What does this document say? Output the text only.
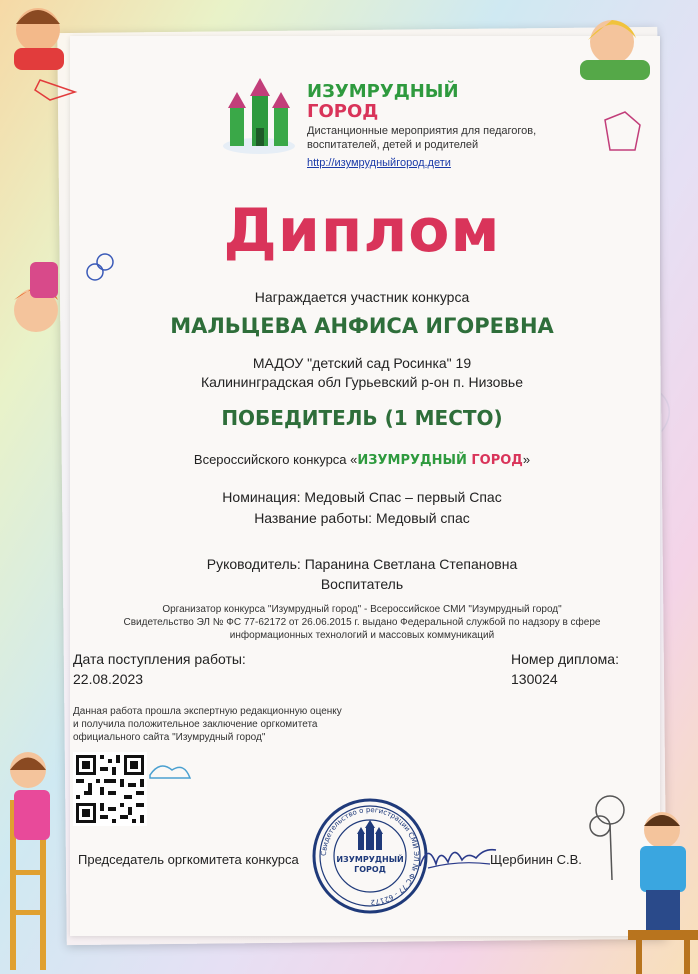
ИЗУМРУДНЫЙ
ГОРОД
Дистанционные мероприятия для педагогов,
воспитателей, детей и родителей
http://изумрудныйгород.дети
Диплом
Награждается участник конкурса
МАЛЬЦЕВА АНФИСА ИГОРЕВНА
МАДОУ "детский сад Росинка" 19
Калининградская обл Гурьевский р-он п. Низовье
ПОБЕДИТЕЛЬ (1 МЕСТО)
Всероссийского конкурса «ИЗУМРУДНЫЙ ГОРОД»
Номинация: Медовый Спас – первый Спас
Название работы: Медовый спас
Руководитель: Паранина Светлана Степановна
Воспитатель
Организатор конкурса "Изумрудный город" - Всероссийское СМИ "Изумрудный город"
Свидетельство ЭЛ № ФС 77-62172 от 26.06.2015 г. выдано Федеральной службой по надзору в сфере
информационных технологий и массовых коммуникаций
Дата поступления работы:
22.08.2023
Номер диплома:
130024
Данная работа прошла экспертную редакционную оценку
и получила положительное заключение оргкомитета
официального сайта "Изумрудный город"
Председатель оргкомитета конкурса	Свидетельство о регистрации СМИ ЭЛ № ФС 77 - 62172
ИЗУМРУДНЫЙ
ГОРОД
Щербинин С.В.
